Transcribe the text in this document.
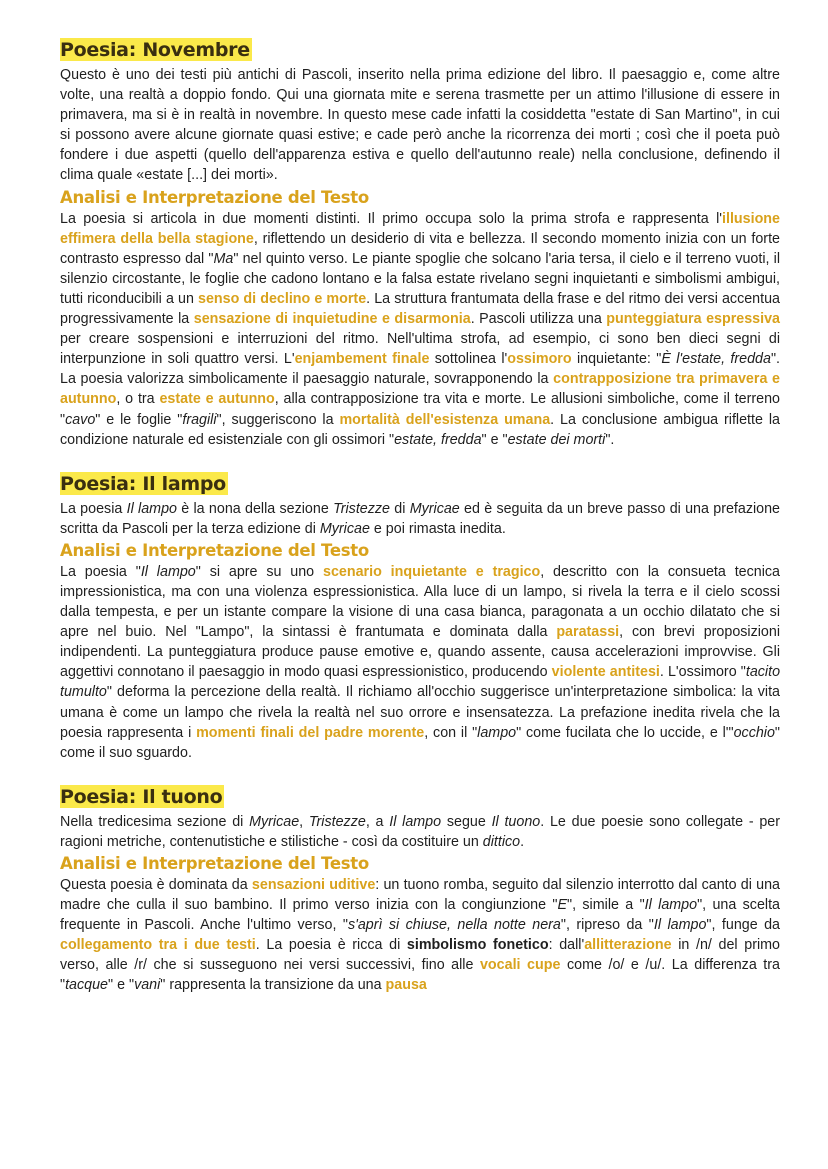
Poesia: Novembre

Questo è uno dei testi più antichi di Pascoli, inserito nella prima edizione del libro. Il paesaggio e, come altre volte, una realtà a doppio fondo. Qui una giornata mite e serena trasmette per un attimo l'illusione di essere in primavera, ma si è in realtà in novembre. In questo mese cade infatti la cosiddetta "estate di San Martino", in cui si possono avere alcune giornate quasi estive; e cade però anche la ricorrenza dei morti ; così che il poeta può fondere i due aspetti (quello dell'apparenza estiva e quello dell'autunno reale) nella conclusione, definendo il clima quale «estate [...] dei morti».

Analisi e Interpretazione del Testo

La poesia si articola in due momenti distinti. Il primo occupa solo la prima strofa e rappresenta l'illusione effimera della bella stagione, riflettendo un desiderio di vita e bellezza. Il secondo momento inizia con un forte contrasto espresso dal "Ma" nel quinto verso. Le piante spoglie che solcano l'aria tersa, il cielo e il terreno vuoti, il silenzio circostante, le foglie che cadono lontano e la falsa estate rivelano segni inquietanti e simbolismi ambigui, tutti riconducibili a un senso di declino e morte. La struttura frantumata della frase e del ritmo dei versi accentua progressivamente la sensazione di inquietudine e disarmonia. Pascoli utilizza una punteggiatura espressiva per creare sospensioni e interruzioni del ritmo. Nell'ultima strofa, ad esempio, ci sono ben dieci segni di interpunzione in soli quattro versi. L'enjambement finale sottolinea l'ossimoro inquietante: "È l'estate, fredda". La poesia valorizza simbolicamente il paesaggio naturale, sovrapponendo la contrapposizione tra primavera e autunno, o tra estate e autunno, alla contrapposizione tra vita e morte. Le allusioni simboliche, come il terreno "cavo" e le foglie "fragili", suggeriscono la mortalità dell'esistenza umana. La conclusione ambigua riflette la condizione naturale ed esistenziale con gli ossimori "estate, fredda" e "estate dei morti".

Poesia: Il lampo

La poesia Il lampo è la nona della sezione Tristezze di Myricae ed è seguita da un breve passo di una prefazione scritta da Pascoli per la terza edizione di Myricae e poi rimasta inedita.

Analisi e Interpretazione del Testo

La poesia "Il lampo" si apre su uno scenario inquietante e tragico, descritto con la consueta tecnica impressionistica, ma con una violenza espressionistica. Alla luce di un lampo, si rivela la terra e il cielo scossi dalla tempesta, e per un istante compare la visione di una casa bianca, paragonata a un occhio dilatato che si apre nel buio. Nel "Lampo", la sintassi è frantumata e dominata dalla paratassi, con brevi proposizioni indipendenti. La punteggiatura produce pause emotive e, quando assente, causa accelerazioni improvvise. Gli aggettivi connotano il paesaggio in modo quasi espressionistico, producendo violente antitesi. L'ossimoro "tacito tumulto" deforma la percezione della realtà. Il richiamo all'occhio suggerisce un'interpretazione simbolica: la vita umana è come un lampo che rivela la realtà nel suo orrore e insensatezza. La prefazione inedita rivela che la poesia rappresenta i momenti finali del padre morente, con il "lampo" come fucilata che lo uccide, e l'"occhio" come il suo sguardo.

Poesia: Il tuono

Nella tredicesima sezione di Myricae, Tristezze, a Il lampo segue Il tuono. Le due poesie sono collegate - per ragioni metriche, contenutistiche e stilistiche - così da costituire un dittico.

Analisi e Interpretazione del Testo

Questa poesia è dominata da sensazioni uditive: un tuono romba, seguito dal silenzio interrotto dal canto di una madre che culla il suo bambino. Il primo verso inizia con la congiunzione "E", simile a "Il lampo", una scelta frequente in Pascoli. Anche l'ultimo verso, "s'aprì si chiuse, nella notte nera", ripreso da "Il lampo", funge da collegamento tra i due testi. La poesia è ricca di simbolismo fonetico: dall'allitterazione in /n/ del primo verso, alle /r/ che si susseguono nei versi successivi, fino alle vocali cupe come /o/ e /u/. La differenza tra "tacque" e "vani" rappresenta la transizione da una pausa
